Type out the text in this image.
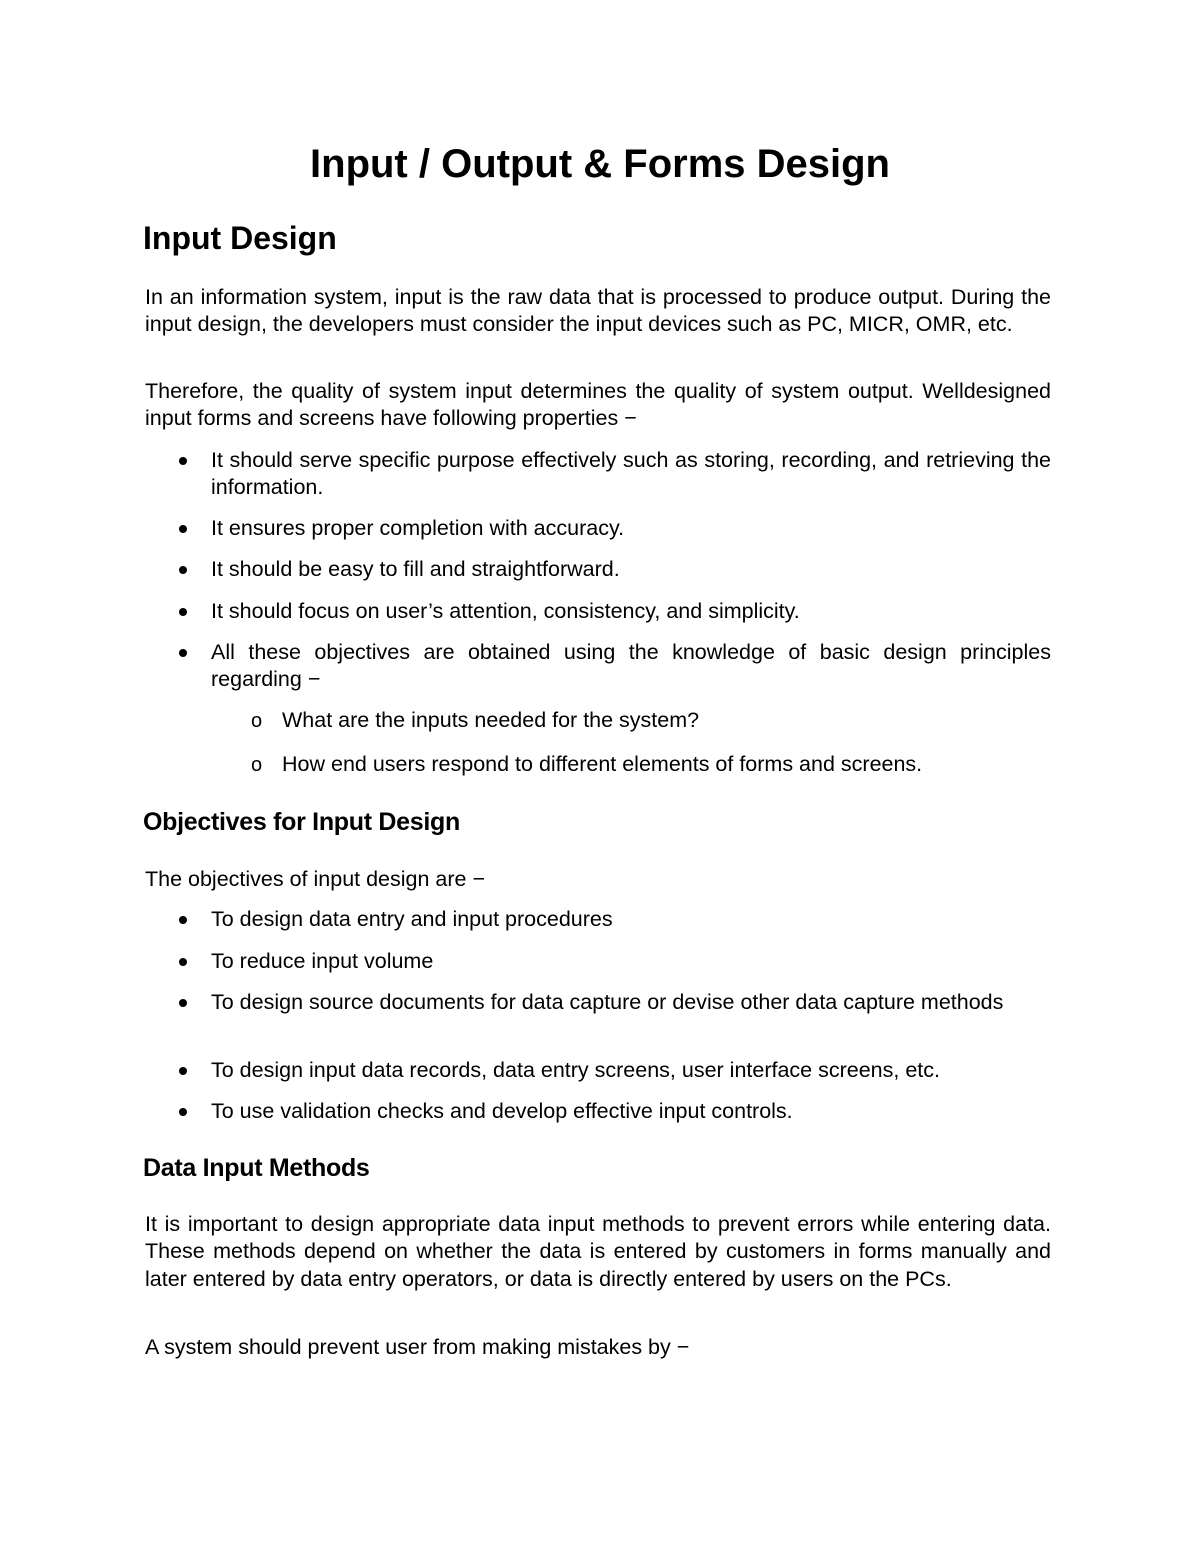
Input / Output & Forms Design
Input Design

In an information system, input is the raw data that is processed to produce output. During the input design, the developers must consider the input devices such as PC, MICR, OMR, etc.

Therefore, the quality of system input determines the quality of system output. Welldesigned input forms and screens have following properties −

It should serve specific purpose effectively such as storing, recording, and retrieving the information.
It ensures proper completion with accuracy.
It should be easy to fill and straightforward.
It should focus on user’s attention, consistency, and simplicity.
All these objectives are obtained using the knowledge of basic design principles regarding −
o What are the inputs needed for the system?
o How end users respond to different elements of forms and screens.
Objectives for Input Design

The objectives of input design are −

To design data entry and input procedures
To reduce input volume
To design source documents for data capture or devise other data capture methods
To design input data records, data entry screens, user interface screens, etc.
To use validation checks and develop effective input controls.
Data Input Methods

It is important to design appropriate data input methods to prevent errors while entering data. These methods depend on whether the data is entered by customers in forms manually and later entered by data entry operators, or data is directly entered by users on the PCs.

A system should prevent user from making mistakes by −
